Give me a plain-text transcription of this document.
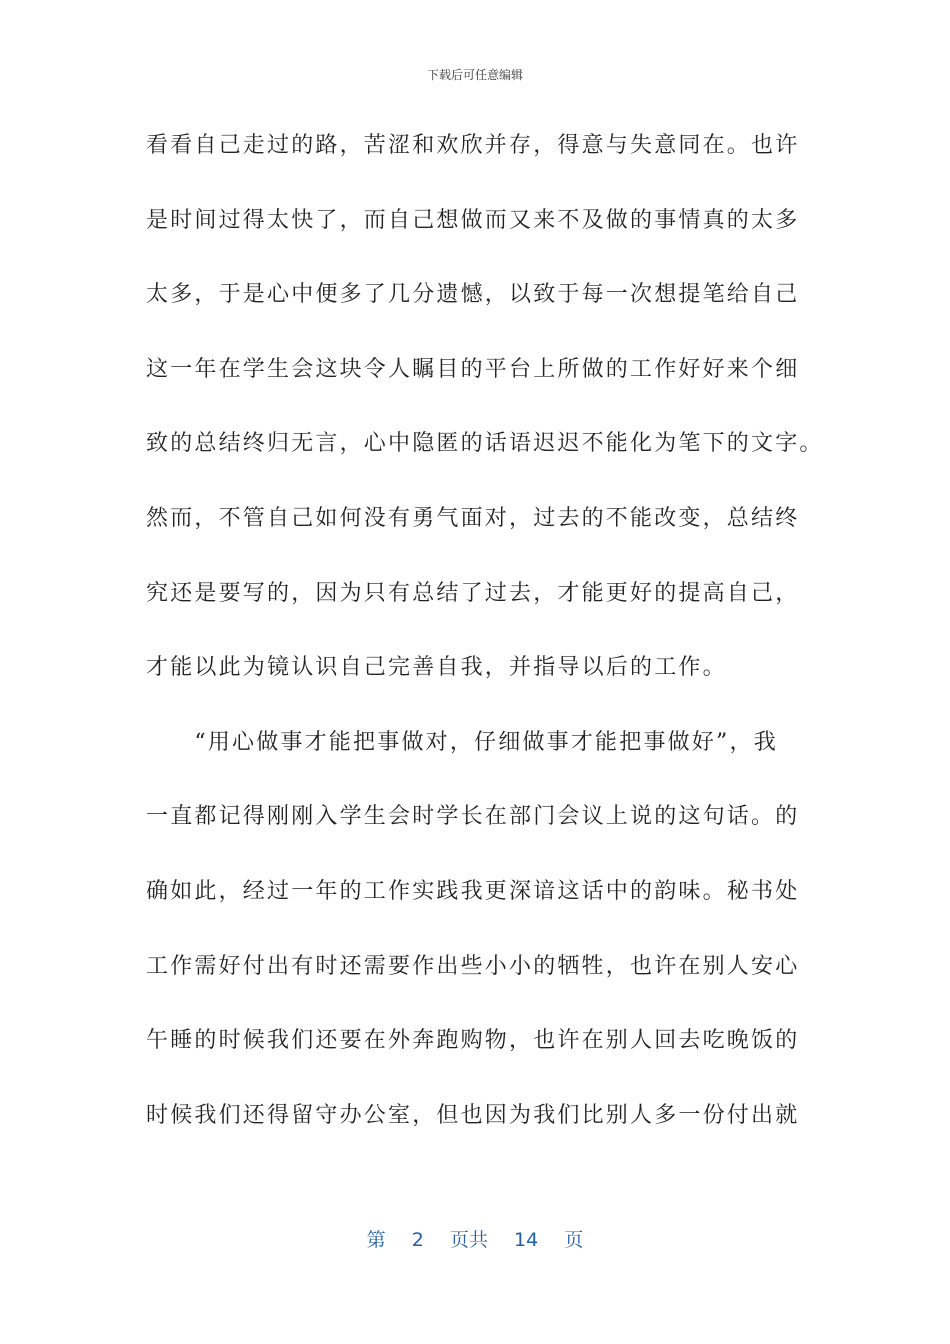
下载后可任意编辑
看看自己走过的路，苦涩和欢欣并存，得意与失意同在。也许
是时间过得太快了，而自己想做而又来不及做的事情真的太多
太多，于是心中便多了几分遗憾，以致于每一次想提笔给自己
这一年在学生会这块令人瞩目的平台上所做的工作好好来个细
致的总结终归无言，心中隐匿的话语迟迟不能化为笔下的文字。
然而，不管自己如何没有勇气面对，过去的不能改变，总结终
究还是要写的，因为只有总结了过去，才能更好的提高自己，
才能以此为镜认识自己完善自我，并指导以后的工作。
　　“用心做事才能把事做对，仔细做事才能把事做好”，我
一直都记得刚刚入学生会时学长在部门会议上说的这句话。的
确如此，经过一年的工作实践我更深谙这话中的韵味。秘书处
工作需好付出有时还需要作出些小小的牺牲，也许在别人安心
午睡的时候我们还要在外奔跑购物，也许在别人回去吃晚饭的
时候我们还得留守办公室，但也因为我们比别人多一份付出就
第 2 页共 14 页
